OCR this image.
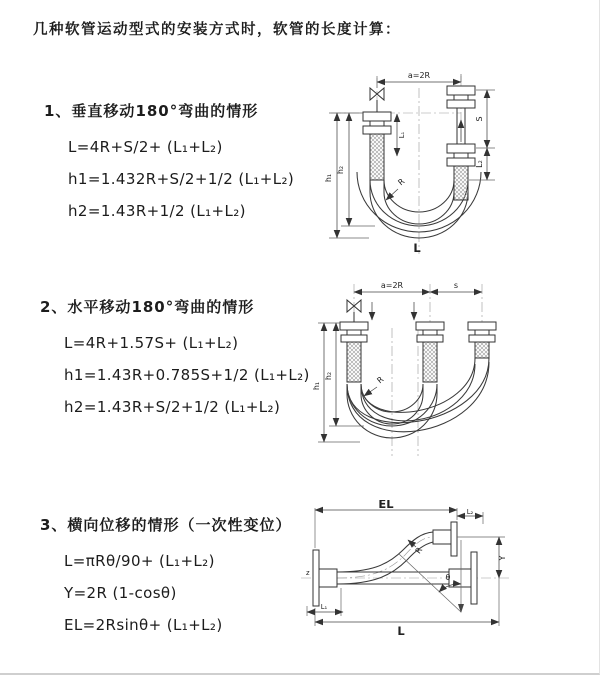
几种软管运动型式的安装方式时，软管的长度计算：
1、垂直移动180°弯曲的情形

L=4R+S/2+ (L₁+L₂)

h1=1.432R+S/2+1/2 (L₁+L₂)

h2=1.43R+1/2 (L₁+L₂)

a=2R
h₁
h₂
S
L₂
L₁
R
L
2、水平移动180°弯曲的情形

L=4R+1.57S+ (L₁+L₂)

h1=1.43R+0.785S+1/2 (L₁+L₂)

h2=1.43R+S/2+1/2 (L₁+L₂)

a=2R	s
h₁
h₂	R
3、横向位移的情形（一次性变位）

L=πRθ/90+ (L₁+L₂)

Y=2R (1-cosθ)

EL=2Rsinθ+ (L₁+L₂)

z	θ
R
EL
L₂
Y
L₁
L
